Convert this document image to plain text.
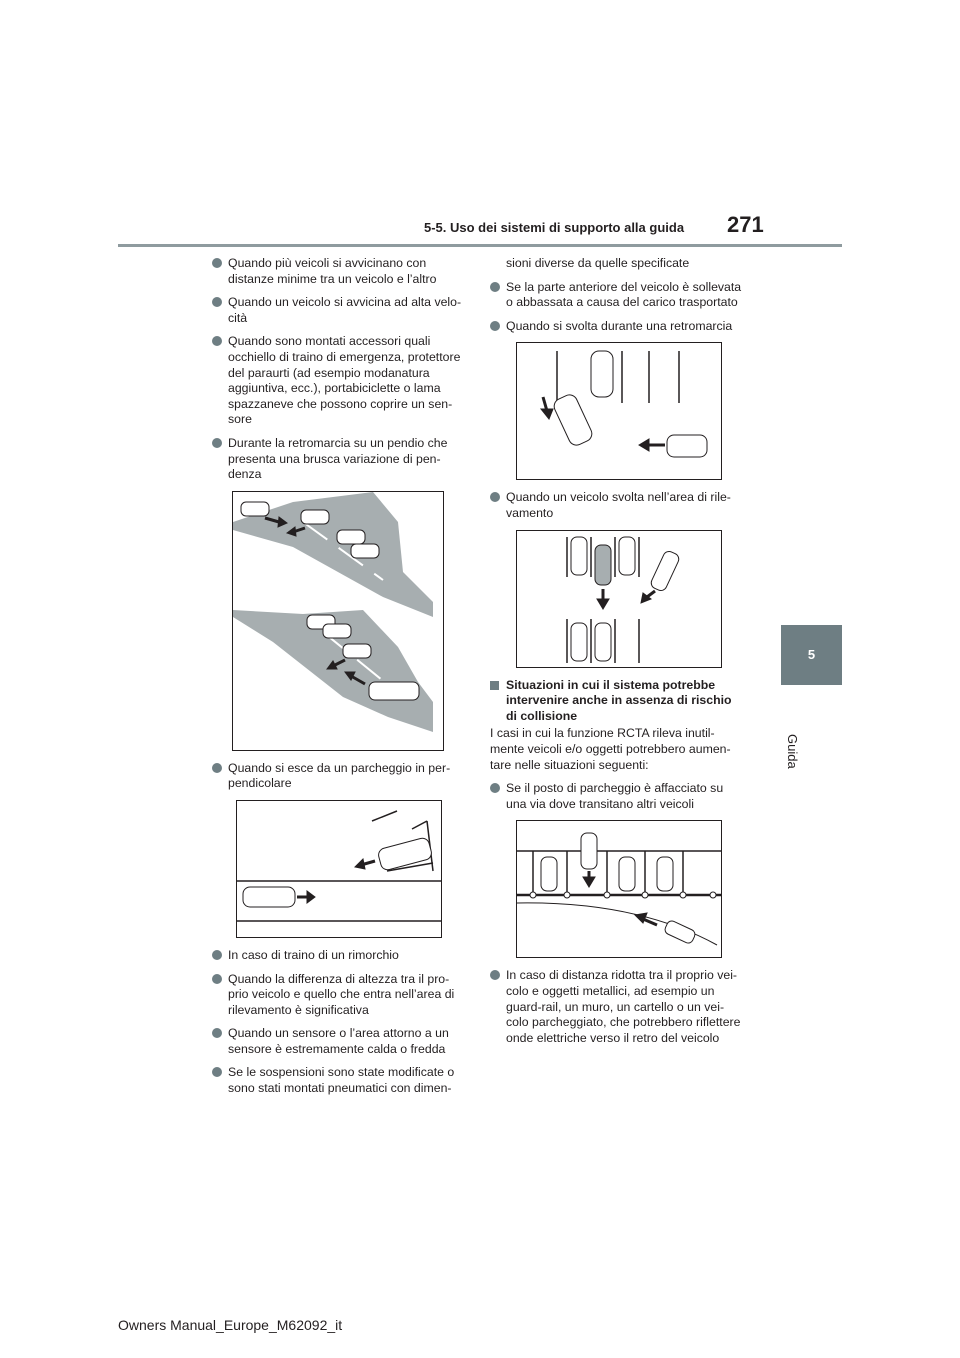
5-5. Uso dei sistemi di supporto alla guida 271
5
Guida
Quando più veicoli si avvicinano con distanze minime tra un veicolo e l’altro
Quando un veicolo si avvicina ad alta velo-cità
Quando sono montati accessori quali occhiello di traino di emergenza, protettore del paraurti (ad esempio modanatura aggiuntiva, ecc.), portabiciclette o lama spazzaneve che possono coprire un sen-sore
Durante la retromarcia su un pendio che presenta una brusca variazione di pen-denza
Quando si esce da un parcheggio in per-pendicolare
In caso di traino di un rimorchio
Quando la differenza di altezza tra il pro-prio veicolo e quello che entra nell’area di rilevamento è significativa
Quando un sensore o l’area attorno a un sensore è estremamente calda o fredda
Se le sospensioni sono state modificate o sono stati montati pneumatici con dimen-
sioni diverse da quelle specificate
Se la parte anteriore del veicolo è sollevata o abbassata a causa del carico trasportato
Quando si svolta durante una retromarcia
Quando un veicolo svolta nell’area di rile-vamento
Situazioni in cui il sistema potrebbe intervenire anche in assenza di rischio di collisione
I casi in cui la funzione RCTA rileva inutil-mente veicoli e/o oggetti potrebbero aumen-tare nelle situazioni seguenti:
Se il posto di parcheggio è affacciato su una via dove transitano altri veicoli
In caso di distanza ridotta tra il proprio vei-colo e oggetti metallici, ad esempio un guard-rail, un muro, un cartello o un vei-colo parcheggiato, che potrebbero riflettere onde elettriche verso il retro del veicolo
Owners Manual_Europe_M62092_it
